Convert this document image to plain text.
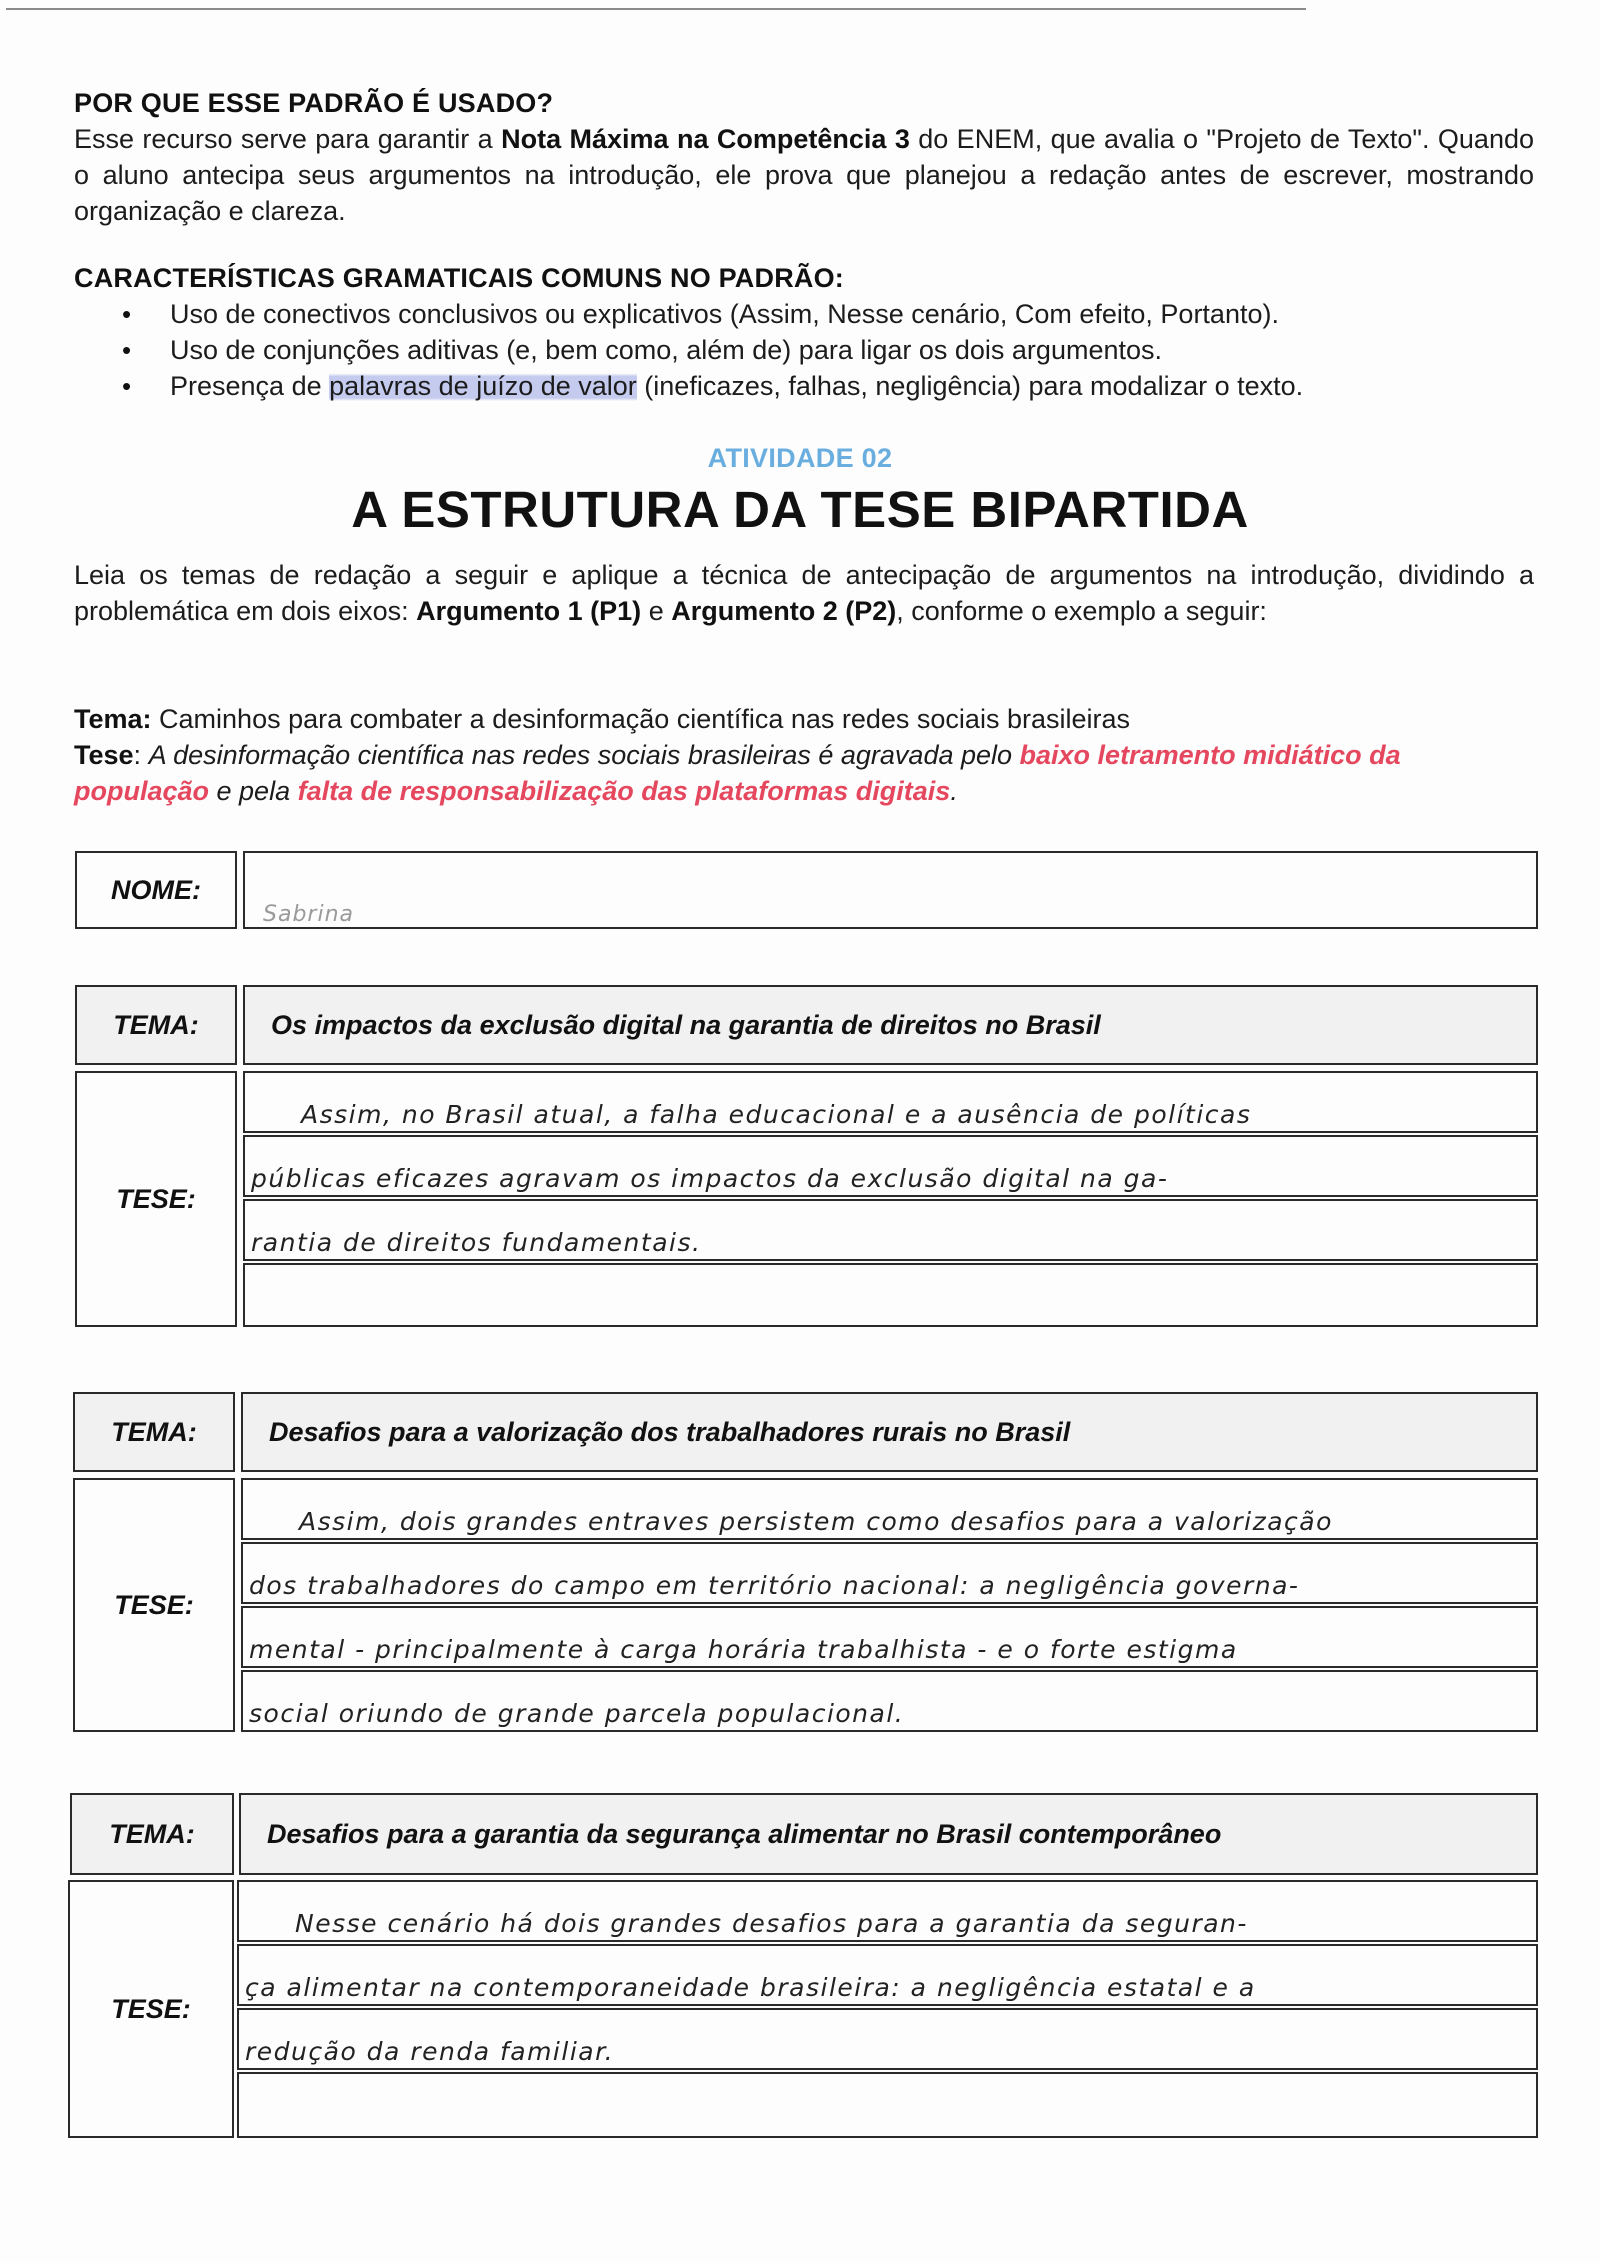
POR QUE ESSE PADRÃO É USADO?
Esse recurso serve para garantir a Nota Máxima na Competência 3 do ENEM, que avalia o "Projeto de Texto". Quando o aluno antecipa seus argumentos na introdução, ele prova que planejou a redação antes de escrever, mostrando organização e clareza.
CARACTERÍSTICAS GRAMATICAIS COMUNS NO PADRÃO:
• Uso de conectivos conclusivos ou explicativos (Assim, Nesse cenário, Com efeito, Portanto).
• Uso de conjunções aditivas (e, bem como, além de) para ligar os dois argumentos.
• Presença de palavras de juízo de valor (ineficazes, falhas, negligência) para modalizar o texto.
ATIVIDADE 02
A ESTRUTURA DA TESE BIPARTIDA
Leia os temas de redação a seguir e aplique a técnica de antecipação de argumentos na introdução, dividindo a problemática em dois eixos: Argumento 1 (P1) e Argumento 2 (P2), conforme o exemplo a seguir:
Tema: Caminhos para combater a desinformação científica nas redes sociais brasileiras
Tese: A desinformação científica nas redes sociais brasileiras é agravada pelo baixo letramento midiático da população e pela falta de responsabilização das plataformas digitais.
NOME:
Sabrina
TEMA:	Os impactos da exclusão digital na garantia de direitos no Brasil
TESE:
Assim, no Brasil atual, a falha educacional e a ausência de políticas
públicas eficazes agravam os impactos da exclusão digital na ga-
rantia de direitos fundamentais.
TEMA:	Desafios para a valorização dos trabalhadores rurais no Brasil
TESE:
Assim, dois grandes entraves persistem como desafios para a valorização
dos trabalhadores do campo em território nacional: a negligência governa-
mental - principalmente à carga horária trabalhista - e o forte estigma
social oriundo de grande parcela populacional.
TEMA:	Desafios para a garantia da segurança alimentar no Brasil contemporâneo
TESE:
Nesse cenário há dois grandes desafios para a garantia da seguran-
ça alimentar na contemporaneidade brasileira: a negligência estatal e a
redução da renda familiar.
